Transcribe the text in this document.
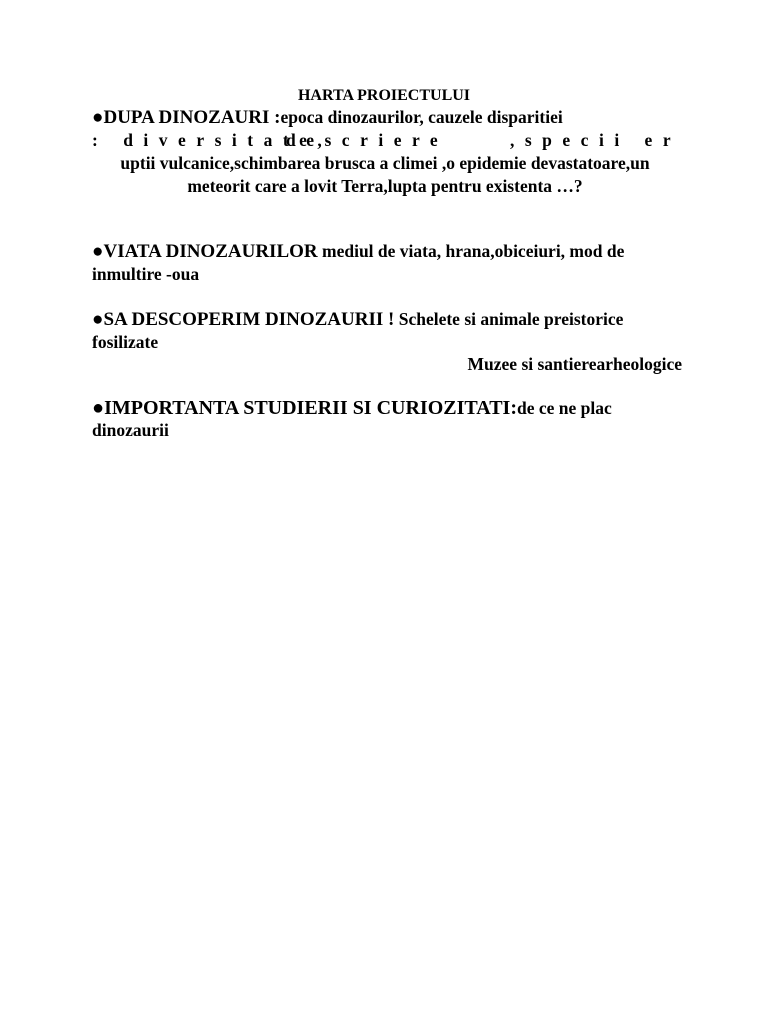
HARTA PROIECTULUI
●DUPA DINOZAURI :epoca dinozaurilor, cauzele disparitiei
: diversitate,
descriere	,specii er
uptii vulcanice,schimbarea brusca a climei ,o epidemie devastatoare,un meteorit care a lovit Terra,lupta pentru existenta …?
●VIATA DINOZAURILOR mediul de viata, hrana,obiceiuri, mod de inmultire -oua
●SA DESCOPERIM DINOZAURII ! Schelete si animale preistorice fosilizate
Muzee si santierearheologice
●IMPORTANTA STUDIERII SI CURIOZITATI:de ce ne plac dinozaurii
